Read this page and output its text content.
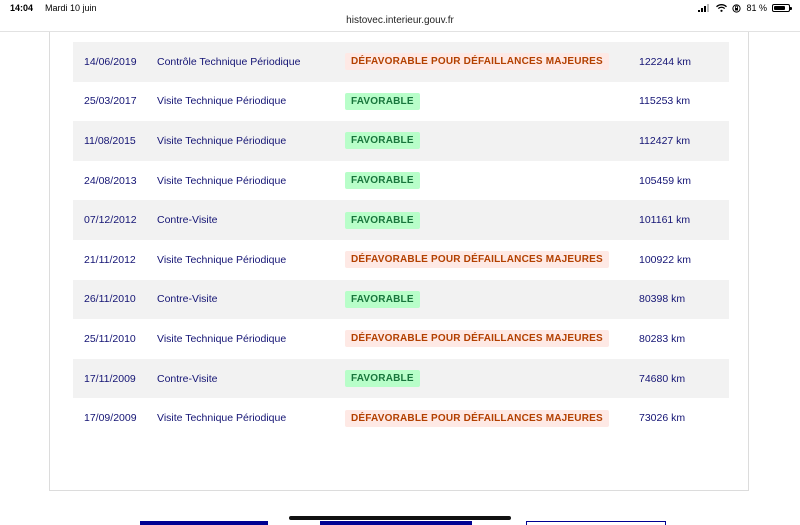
14:04 Mardi 10 juin	81 %
histovec.interieur.gouv.fr
14/06/2019	Contrôle Technique Périodique	DÉFAVORABLE POUR DÉFAILLANCES MAJEURES	122244 km
25/03/2017	Visite Technique Périodique	FAVORABLE	115253 km
11/08/2015	Visite Technique Périodique	FAVORABLE	112427 km
24/08/2013	Visite Technique Périodique	FAVORABLE	105459 km
07/12/2012	Contre-Visite	FAVORABLE	101161 km
21/11/2012	Visite Technique Périodique	DÉFAVORABLE POUR DÉFAILLANCES MAJEURES	100922 km
26/11/2010	Contre-Visite	FAVORABLE	80398 km
25/11/2010	Visite Technique Périodique	DÉFAVORABLE POUR DÉFAILLANCES MAJEURES	80283 km
17/11/2009	Contre-Visite	FAVORABLE	74680 km
17/09/2009	Visite Technique Périodique	DÉFAVORABLE POUR DÉFAILLANCES MAJEURES	73026 km
